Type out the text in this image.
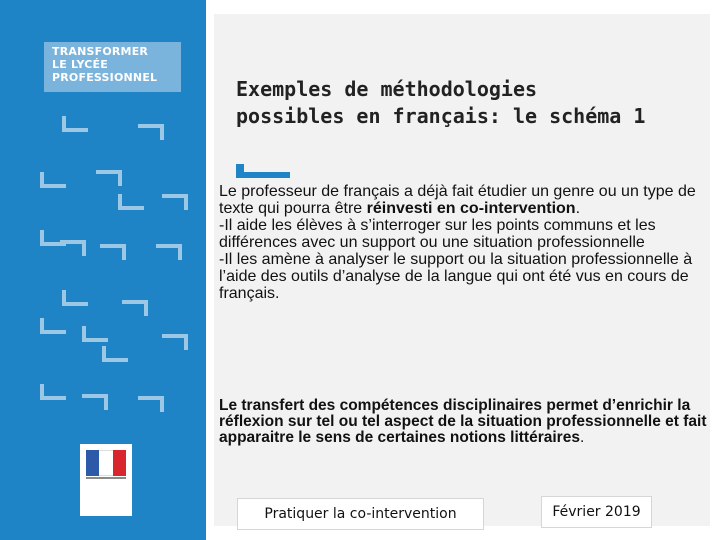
TRANSFORMER
LE LYCÉE
PROFESSIONNEL	Exemples de méthodologies
possibles en français: le schéma 1

Le professeur de français a déjà fait étudier un genre ou un type de texte qui pourra être réinvesti en co-intervention.

-Il aide les élèves à s’interroger sur les points communs et les différences avec un support ou une situation professionnelle

-Il les amène à analyser le support ou la situation professionnelle à l’aide des outils d’analyse de la langue qui ont été vus en cours de français.

Le transfert des compétences disciplinaires permet d’enrichir la réflexion sur tel ou tel aspect de la situation professionnelle et fait apparaitre le sens de certaines notions littéraires.
Pratiquer la co-intervention	Février 2019
